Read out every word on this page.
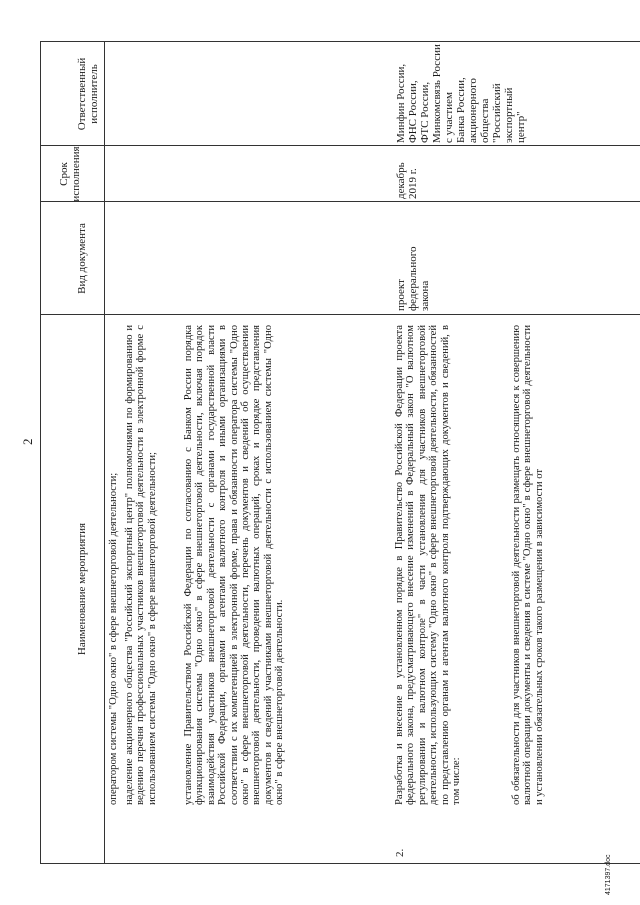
2
Наименование мероприятия
Вид документа
Срок исполнения
Ответственный исполнитель

оператором системы "Одно окно" в сфере внешнеторговой деятельности; наделение акционерного общества "Российский экспортный центр" полномочиями по формированию и ведению перечня профессиональных участников внешнеторговой деятельности в электронной форме с использованием системы "Одно окно" в сфере внешнеторговой деятельности; установление Правительством Российской Федерации по согласованию с Банком России порядка функционирования системы "Одно окно" в сфере внешнеторговой деятельности, включая порядок взаимодействия участников внешнеторговой деятельности с органами государственной власти Российской Федерации, органами и агентами валютного контроля и иными организациями в соответствии с их компетенцией в электронной форме, права и обязанности оператора системы "Одно окно" в сфере внешнеторговой деятельности, перечень документов и сведений об осуществлении внешнеторговой деятельности, проведении валютных операций, сроках и порядке представления документов и сведений участниками внешнеторговой деятельности с использованием системы "Одно окно" в сфере внешнеторговой деятельности.

2.

Разработка и внесение в установленном порядке в Правительство Российской Федерации проекта федерального закона, предусматривающего внесение изменений в Федеральный закон "О валютном регулировании и валютном контроле" в части установления для участников внешнеторговой деятельности, использующих систему "Одно окно" в сфере внешнеторговой деятельности, обязанностей по представлению органам и агентам валютного контроля подтверждающих документов и сведений, в том числе:	об обязательности для участников внешнеторговой деятельности размещать относящиеся к совершению валютной операции документы и сведения в системе "Одно окно" в сфере внешнеторговой деятельности и установлении обязательных сроков такого размещения в зависимости от

проект
федерального
закона

декабрь
2019 г.

Минфин России,
ФНС России,
ФТС России,
Минкомсвязь России
с участием
Банка России,
акционерного общества
"Российский экспортный
центр"

4171397.doc
